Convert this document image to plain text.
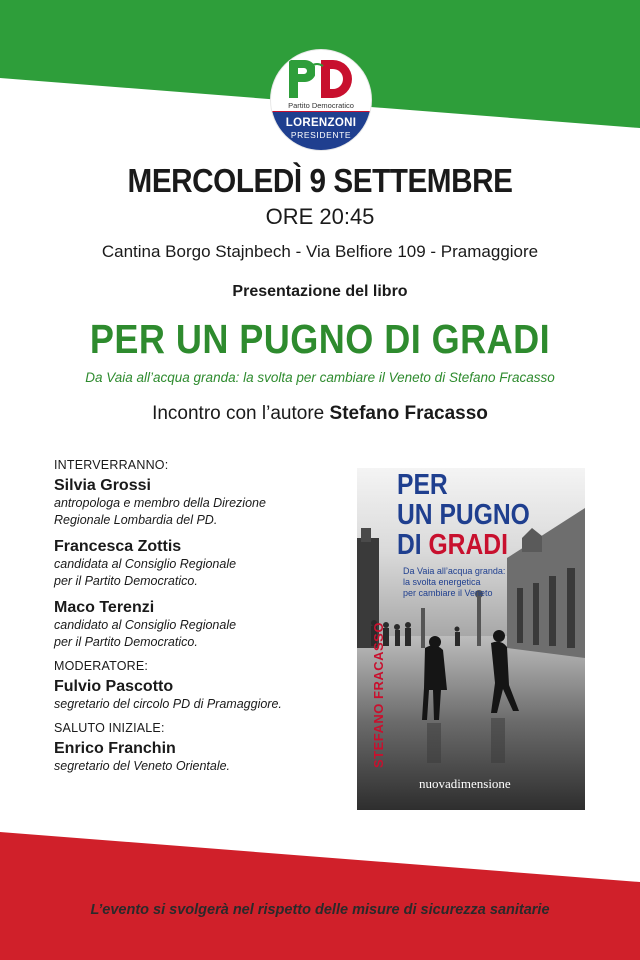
Partito Democratico
LORENZONI
PRESIDENTE
MERCOLEDÌ 9 SETTEMBRE
ORE 20:45
Cantina Borgo Stajnbech - Via Belfiore 109 - Pramaggiore
Presentazione del libro
PER UN PUGNO DI GRADI
Da Vaia all’acqua granda: la svolta per cambiare il Veneto di Stefano Fracasso
Incontro con l’autore Stefano Fracasso
INTERVERRANNO:
Silvia Grossi
antropologa e membro della Direzione
Regionale Lombardia del PD.
Francesca Zottis
candidata al Consiglio Regionale
per il Partito Democratico.
Maco Terenzi
candidato al Consiglio Regionale
per il Partito Democratico.
MODERATORE:
Fulvio Pascotto
segretario del circolo PD di Pramaggiore.
SALUTO INIZIALE:
Enrico Franchin
segretario del Veneto Orientale.	STEFANO FRACASSO
PER
UN PUGNO
DI GRADI
Da Vaia all’acqua granda:
la svolta energetica
per cambiare il Veneto
nuovadimensione
L’evento si svolgerà nel rispetto delle misure di sicurezza sanitarie
